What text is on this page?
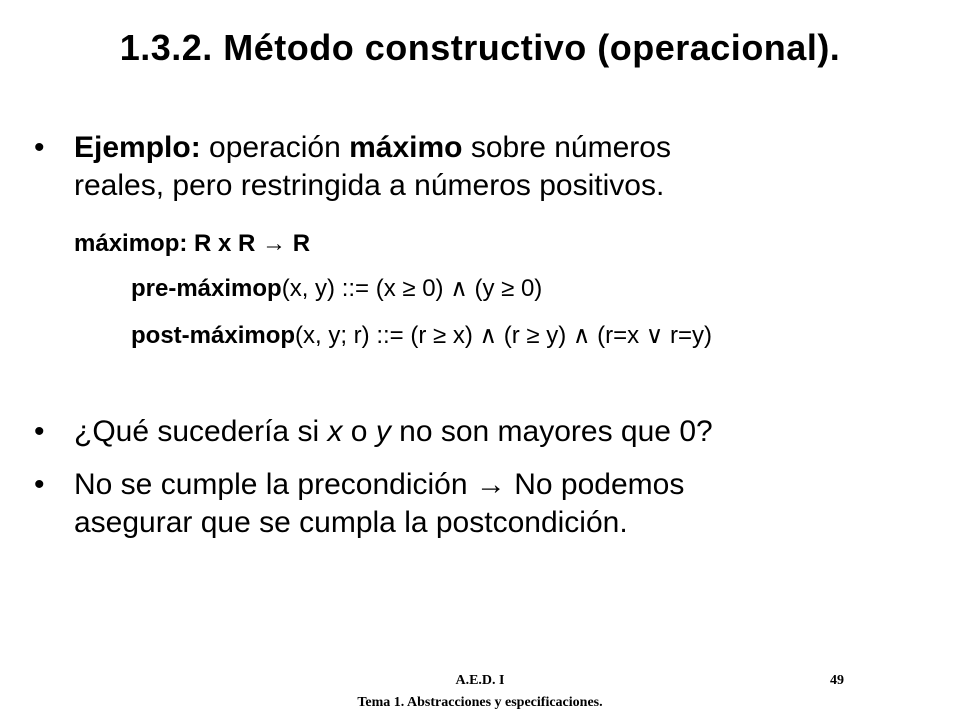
1.3.2. Método constructivo (operacional).
• Ejemplo: operación máximo sobre números
reales, pero restringida a números positivos.
máximop: R x R → R
pre-máximop(x, y) ::= (x ≥ 0) ∧ (y ≥ 0)
post-máximop(x, y; r) ::= (r ≥ x) ∧ (r ≥ y) ∧ (r=x ∨ r=y)
• ¿Qué sucedería si x o y no son mayores que 0?
• No se cumple la precondición → No podemos
asegurar que se cumpla la postcondición.
A.E.D. I
Tema 1. Abstracciones y especificaciones.
49
